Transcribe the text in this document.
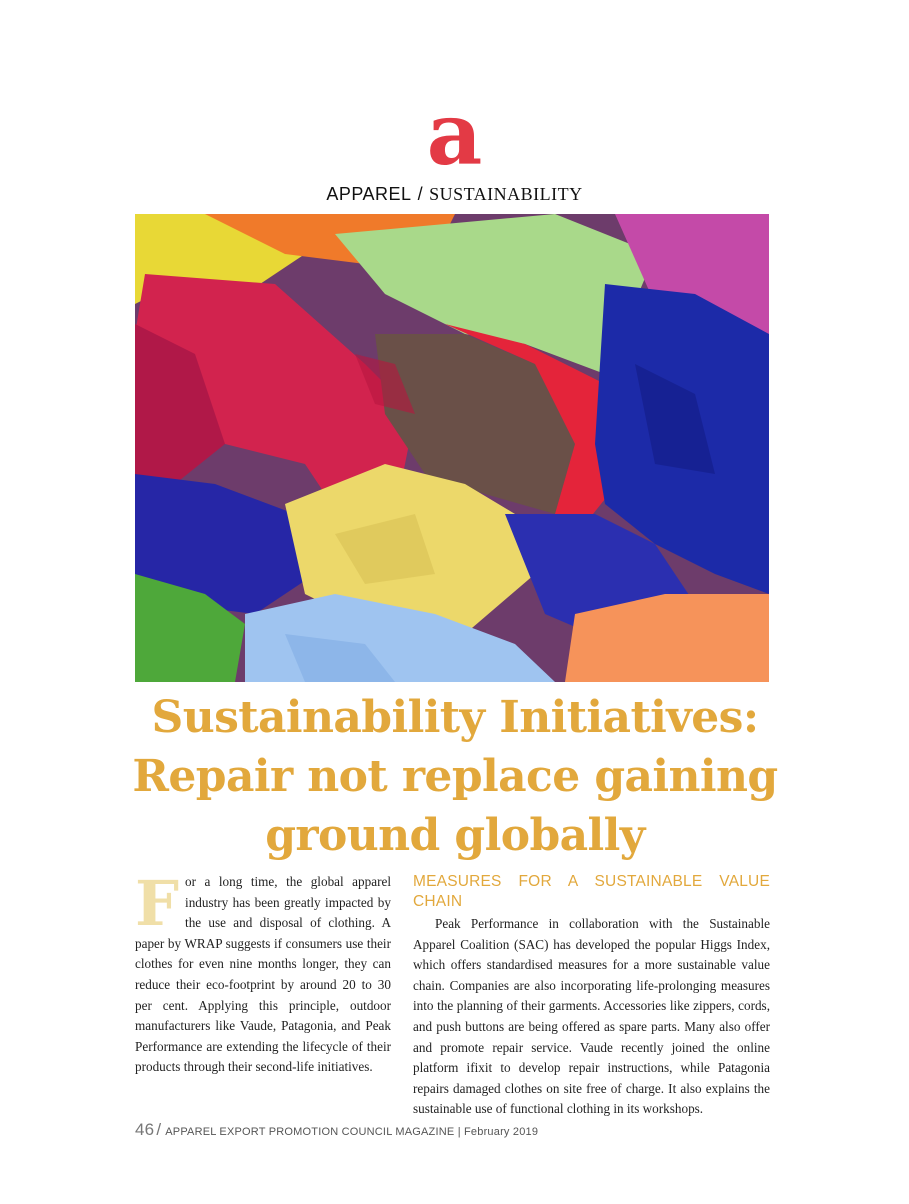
a
APPAREL / SUSTAINABILITY
Sustainability Initiatives:
Repair not replace gaining
ground globally
F or a long time, the global apparel industry has been greatly impacted by the use and disposal of clothing. A paper by WRAP suggests if consumers use their clothes for even nine months longer, they can reduce their eco-footprint by around 20 to 30 per cent. Applying this principle, outdoor manufacturers like Vaude, Patagonia, and Peak Performance are extending the lifecycle of their products through their second-life initiatives.

MEASURES FOR A SUSTAINABLE VALUE CHAIN

Peak Performance in collaboration with the Sustainable Apparel Coalition (SAC) has developed the popular Higgs Index, which offers standardised measures for a more sustainable value chain. Companies are also incorporating life-prolonging measures into the planning of their garments. Accessories like zippers, cords, and push buttons are being offered as spare parts. Many also offer and promote repair service. Vaude recently joined the online platform ifixit to develop repair instructions, while Patagonia repairs damaged clothes on site free of charge. It also explains the sustainable use of functional clothing in its workshops.

46 / APPAREL EXPORT PROMOTION COUNCIL MAGAZINE | February 2019
